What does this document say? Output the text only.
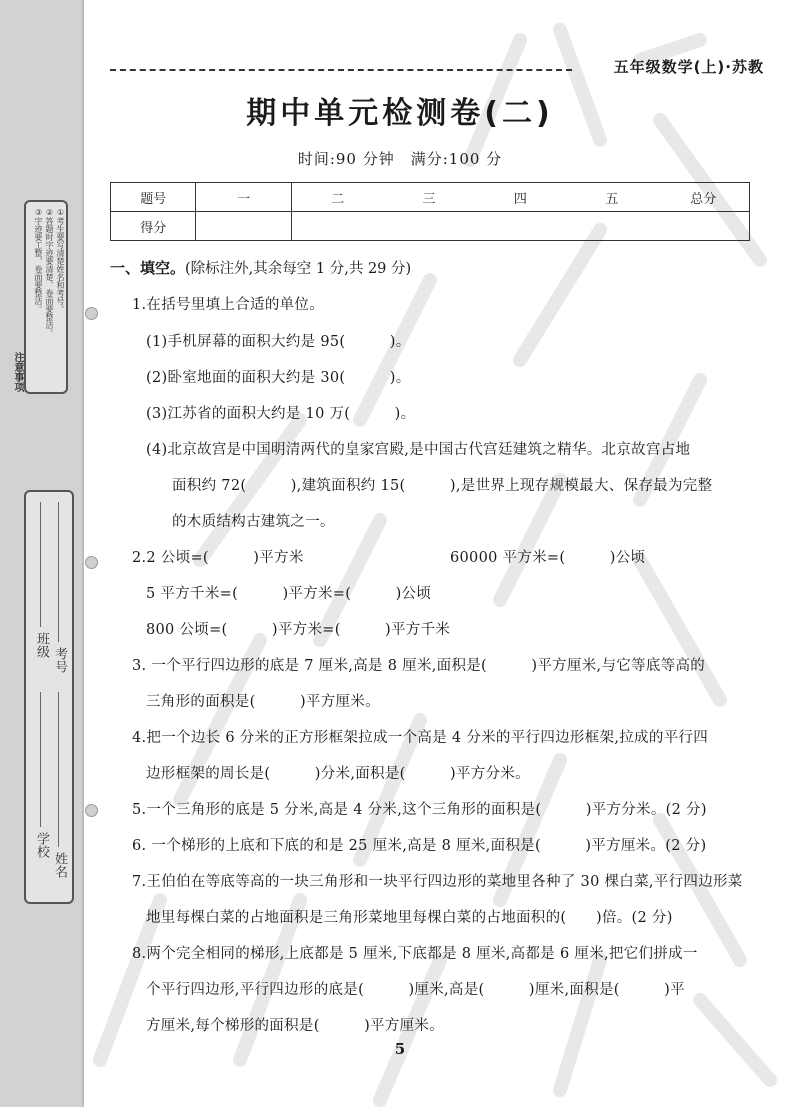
①考生要写清楚姓名和考号。
②答题时字迹要清楚、卷面要整洁。
③字迹要工整，卷面要整洁。
注意事项
班级
考号
学校
姓名
五年级数学(上)·苏教
期中单元检测卷(二)
时间:90 分钟　满分:100 分
题号	一	二	三	四	五	总分
得分						
一、填空。(除标注外,其余每空 1 分,共 29 分)
1.在括号里填上合适的单位。
(1)手机屏幕的面积大约是 95(　　　)。
(2)卧室地面的面积大约是 30(　　　)。
(3)江苏省的面积大约是 10 万(　　　)。
(4)北京故宫是中国明清两代的皇家宫殿,是中国古代宫廷建筑之精华。北京故宫占地
面积约 72(　　　),建筑面积约 15(　　　),是世界上现存规模最大、保存最为完整
的木质结构古建筑之一。
2.2 公顷=(　　　)平方米	60000 平方米=(　　　)公顷
5 平方千米=(　　　)平方米=(　　　)公顷
800 公顷=(　　　)平方米=(　　　)平方千米
3. 一个平行四边形的底是 7 厘米,高是 8 厘米,面积是(　　　)平方厘米,与它等底等高的
三角形的面积是(　　　)平方厘米。
4.把一个边长 6 分米的正方形框架拉成一个高是 4 分米的平行四边形框架,拉成的平行四
边形框架的周长是(　　　)分米,面积是(　　　)平方分米。
5.一个三角形的底是 5 分米,高是 4 分米,这个三角形的面积是(　　　)平方分米。(2 分)
6. 一个梯形的上底和下底的和是 25 厘米,高是 8 厘米,面积是(　　　)平方厘米。(2 分)
7.王伯伯在等底等高的一块三角形和一块平行四边形的菜地里各种了 30 棵白菜,平行四边形菜
地里每棵白菜的占地面积是三角形菜地里每棵白菜的占地面积的(　　)倍。(2 分)
8.两个完全相同的梯形,上底都是 5 厘米,下底都是 8 厘米,高都是 6 厘米,把它们拼成一
个平行四边形,平行四边形的底是(　　　)厘米,高是(　　　)厘米,面积是(　　　)平
方厘米,每个梯形的面积是(　　　)平方厘米。
5
